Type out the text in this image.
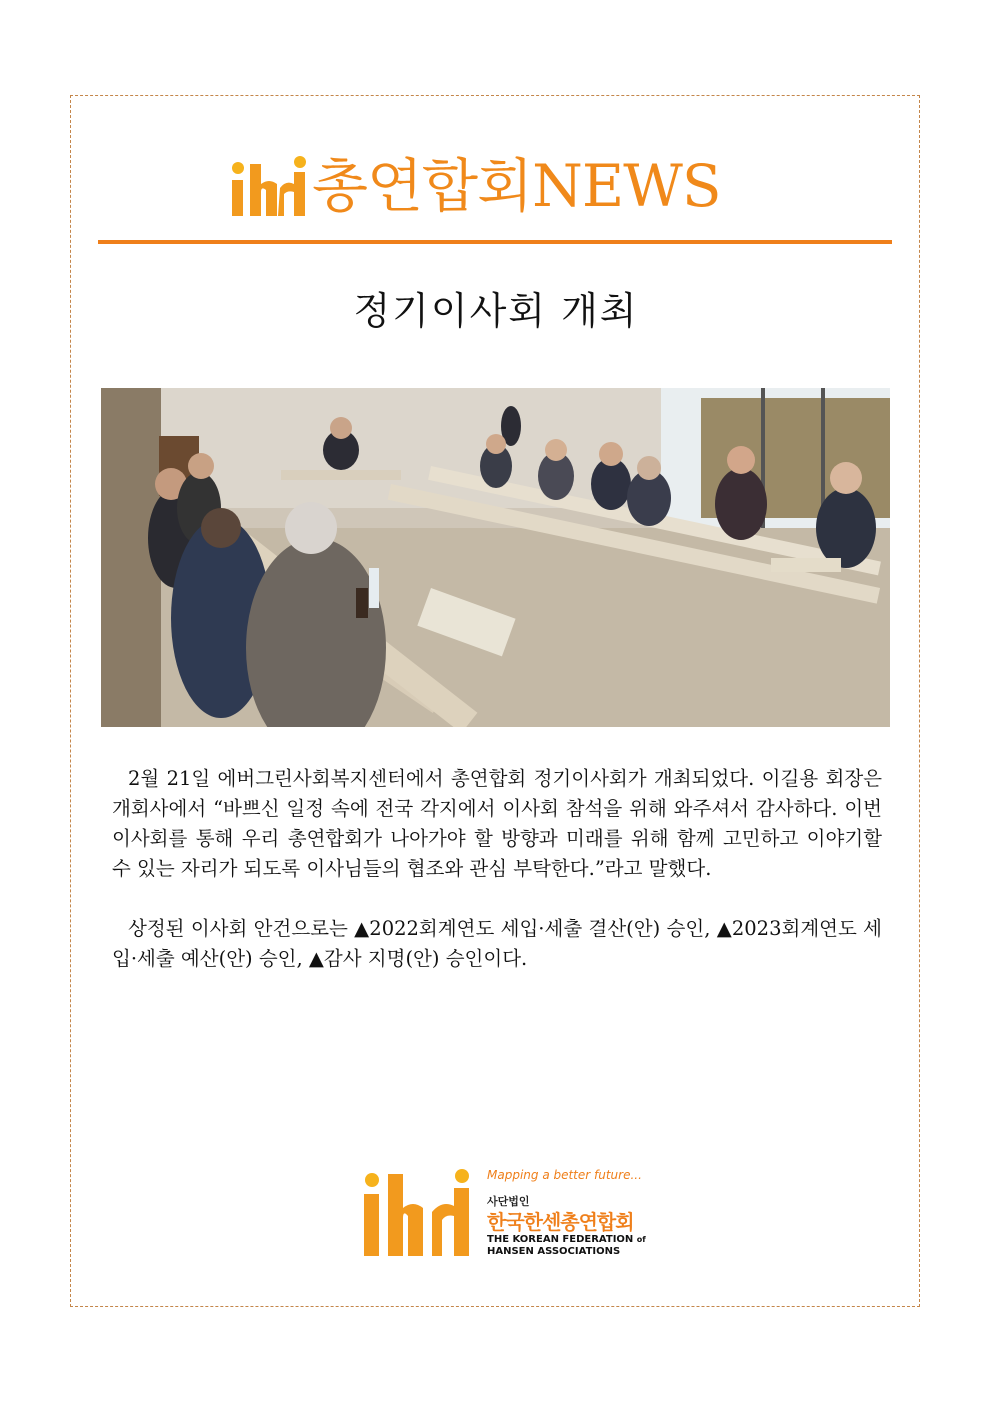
총연합회NEWS
정기이사회 개최

2월 21일 에버그린사회복지센터에서 총연합회 정기이사회가 개최되었다. 이길용 회장은 개회사에서 “바쁘신 일정 속에 전국 각지에서 이사회 참석을 위해 와주셔서 감사하다. 이번 이사회를 통해 우리 총연합회가 나아가야 할 방향과 미래를 위해 함께 고민하고 이야기할 수 있는 자리가 되도록 이사님들의 협조와 관심 부탁한다.”라고 말했다.

상정된 이사회 안건으로는 ▲2022회계연도 세입·세출 결산(안) 승인, ▲2023회계연도 세입·세출 예산(안) 승인, ▲감사 지명(안) 승인이다.

Mapping a better future...
사단법인
한국한센총연합회
THE KOREAN FEDERATION of
HANSEN ASSOCIATIONS
